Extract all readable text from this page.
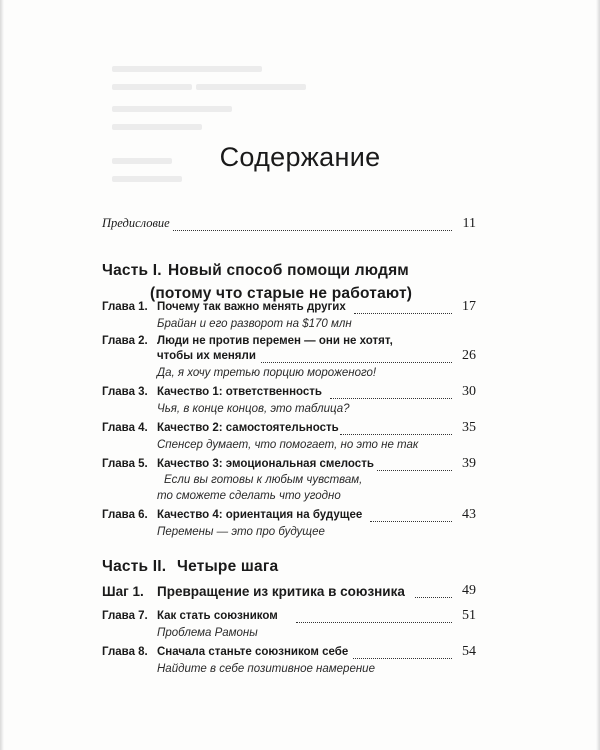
Содержание
Предисловие	11
Часть I. Новый способ помощи людям
(потому что старые не работают)
Глава 1. Почему так важно менять других	17
Брайан и его разворот на $170 млн
Глава 2. Люди не против перемен — они не хотят,
чтобы их меняли	26
Да, я хочу третью порцию мороженого!
Глава 3. Качество 1: ответственность	30
Чья, в конце концов, это таблица?
Глава 4. Качество 2: самостоятельность	35
Спенсер думает, что помогает, но это не так
Глава 5. Качество 3: эмоциональная смелость	39
Если вы готовы к любым чувствам,
то сможете сделать что угодно
Глава 6. Качество 4: ориентация на будущее	43
Перемены — это про будущее
Часть II. Четыре шага
Шаг 1. Превращение из критика в союзника	49
Глава 7. Как стать союзником	51
Проблема Рамоны
Глава 8. Сначала станьте союзником себе	54
Найдите в себе позитивное намерение
